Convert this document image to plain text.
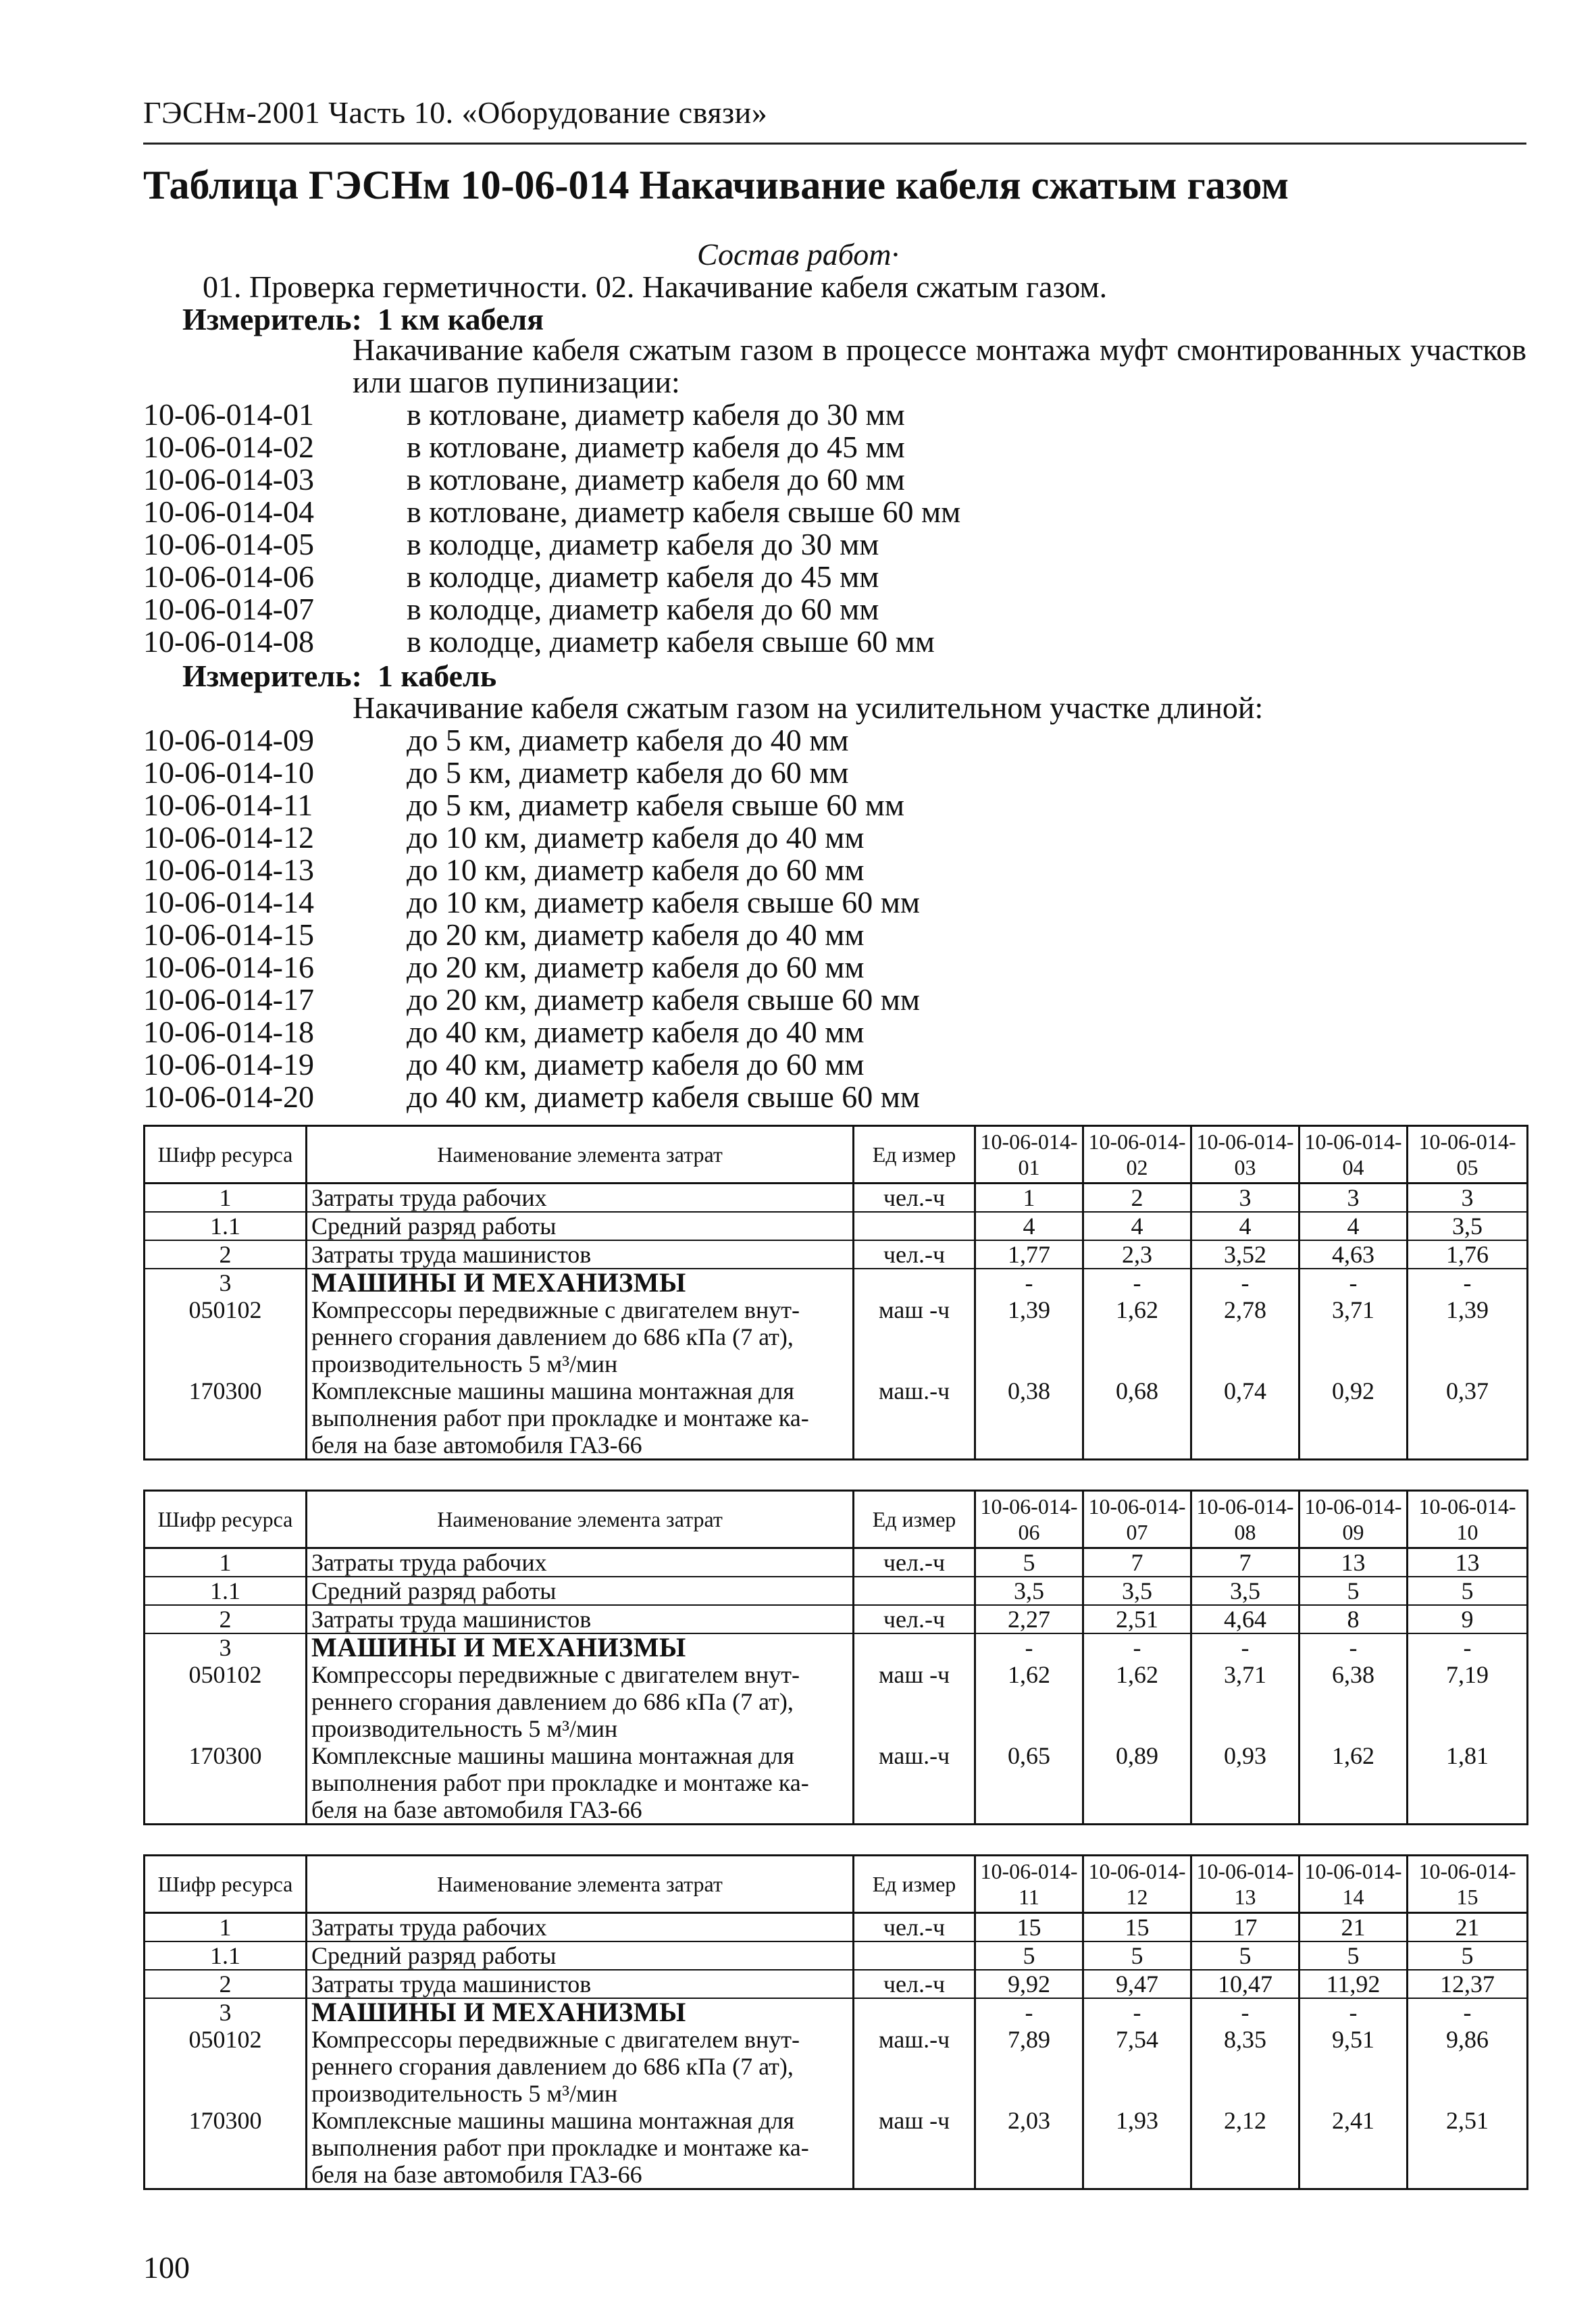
ГЭСНм-2001 Часть 10. «Оборудование связи»
Таблица ГЭСНм 10-06-014 Накачивание кабеля сжатым газом
Состав работ·
01. Проверка герметичности. 02. Накачивание кабеля сжатым газом.
Измеритель: 1 км кабеля
Накачивание кабеля сжатым газом в процессе монтажа муфт смонтированных участков или шагов пупинизации:
10-06-014-01	в котловане, диаметр кабеля до 30 мм
10-06-014-02	в котловане, диаметр кабеля до 45 мм
10-06-014-03	в котловане, диаметр кабеля до 60 мм
10-06-014-04	в котловане, диаметр кабеля свыше 60 мм
10-06-014-05	в колодце, диаметр кабеля до 30 мм
10-06-014-06	в колодце, диаметр кабеля до 45 мм
10-06-014-07	в колодце, диаметр кабеля до 60 мм
10-06-014-08	в колодце, диаметр кабеля свыше 60 мм
Измеритель: 1 кабель
Накачивание кабеля сжатым газом на усилительном участке длиной:
10-06-014-09	до 5 км, диаметр кабеля до 40 мм
10-06-014-10	до 5 км, диаметр кабеля до 60 мм
10-06-014-11	до 5 км, диаметр кабеля свыше 60 мм
10-06-014-12	до 10 км, диаметр кабеля до 40 мм
10-06-014-13	до 10 км, диаметр кабеля до 60 мм
10-06-014-14	до 10 км, диаметр кабеля свыше 60 мм
10-06-014-15	до 20 км, диаметр кабеля до 40 мм
10-06-014-16	до 20 км, диаметр кабеля до 60 мм
10-06-014-17	до 20 км, диаметр кабеля свыше 60 мм
10-06-014-18	до 40 км, диаметр кабеля до 40 мм
10-06-014-19	до 40 км, диаметр кабеля до 60 мм
10-06-014-20	до 40 км, диаметр кабеля свыше 60 мм
Шифр ресурса	Наименование элемента затрат	Ед измер	10-06-014-01	10-06-014-02	10-06-014-03	10-06-014-04	10-06-014-05
1	Затраты труда рабочих	чел.-ч	1	2	3	3	3
1.1	Средний разряд работы		4	4	4	4	3,5
2	Затраты труда машинистов	чел.-ч	1,77	2,3	3,52	4,63	1,76
3	МАШИНЫ И МЕХАНИЗМЫ		-	-	-	-	-
050102	Компрессоры передвижные с двигателем внут-
реннего сгорания давлением до 686 кПа (7 ат),
производительность 5 м³/мин	маш -ч	1,39	1,62	2,78	3,71	1,39
170300	Комплексные машины машина монтажная для
выполнения работ при прокладке и монтаже ка-
беля на базе автомобиля ГАЗ-66	маш.-ч	0,38	0,68	0,74	0,92	0,37
Шифр ресурса	Наименование элемента затрат	Ед измер	10-06-014-06	10-06-014-07	10-06-014-08	10-06-014-09	10-06-014-10
1	Затраты труда рабочих	чел.-ч	5	7	7	13	13
1.1	Средний разряд работы		3,5	3,5	3,5	5	5
2	Затраты труда машинистов	чел.-ч	2,27	2,51	4,64	8	9
3	МАШИНЫ И МЕХАНИЗМЫ		-	-	-	-	-
050102	Компрессоры передвижные с двигателем внут-
реннего сгорания давлением до 686 кПа (7 ат),
производительность 5 м³/мин	маш -ч	1,62	1,62	3,71	6,38	7,19
170300	Комплексные машины машина монтажная для
выполнения работ при прокладке и монтаже ка-
беля на базе автомобиля ГАЗ-66	маш.-ч	0,65	0,89	0,93	1,62	1,81
Шифр ресурса	Наименование элемента затрат	Ед измер	10-06-014-11	10-06-014-12	10-06-014-13	10-06-014-14	10-06-014-15
1	Затраты труда рабочих	чел.-ч	15	15	17	21	21
1.1	Средний разряд работы		5	5	5	5	5
2	Затраты труда машинистов	чел.-ч	9,92	9,47	10,47	11,92	12,37
3	МАШИНЫ И МЕХАНИЗМЫ		-	-	-	-	-
050102	Компрессоры передвижные с двигателем внут-
реннего сгорания давлением до 686 кПа (7 ат),
производительность 5 м³/мин	маш.-ч	7,89	7,54	8,35	9,51	9,86
170300	Комплексные машины машина монтажная для
выполнения работ при прокладке и монтаже ка-
беля на базе автомобиля ГАЗ-66	маш -ч	2,03	1,93	2,12	2,41	2,51
100
